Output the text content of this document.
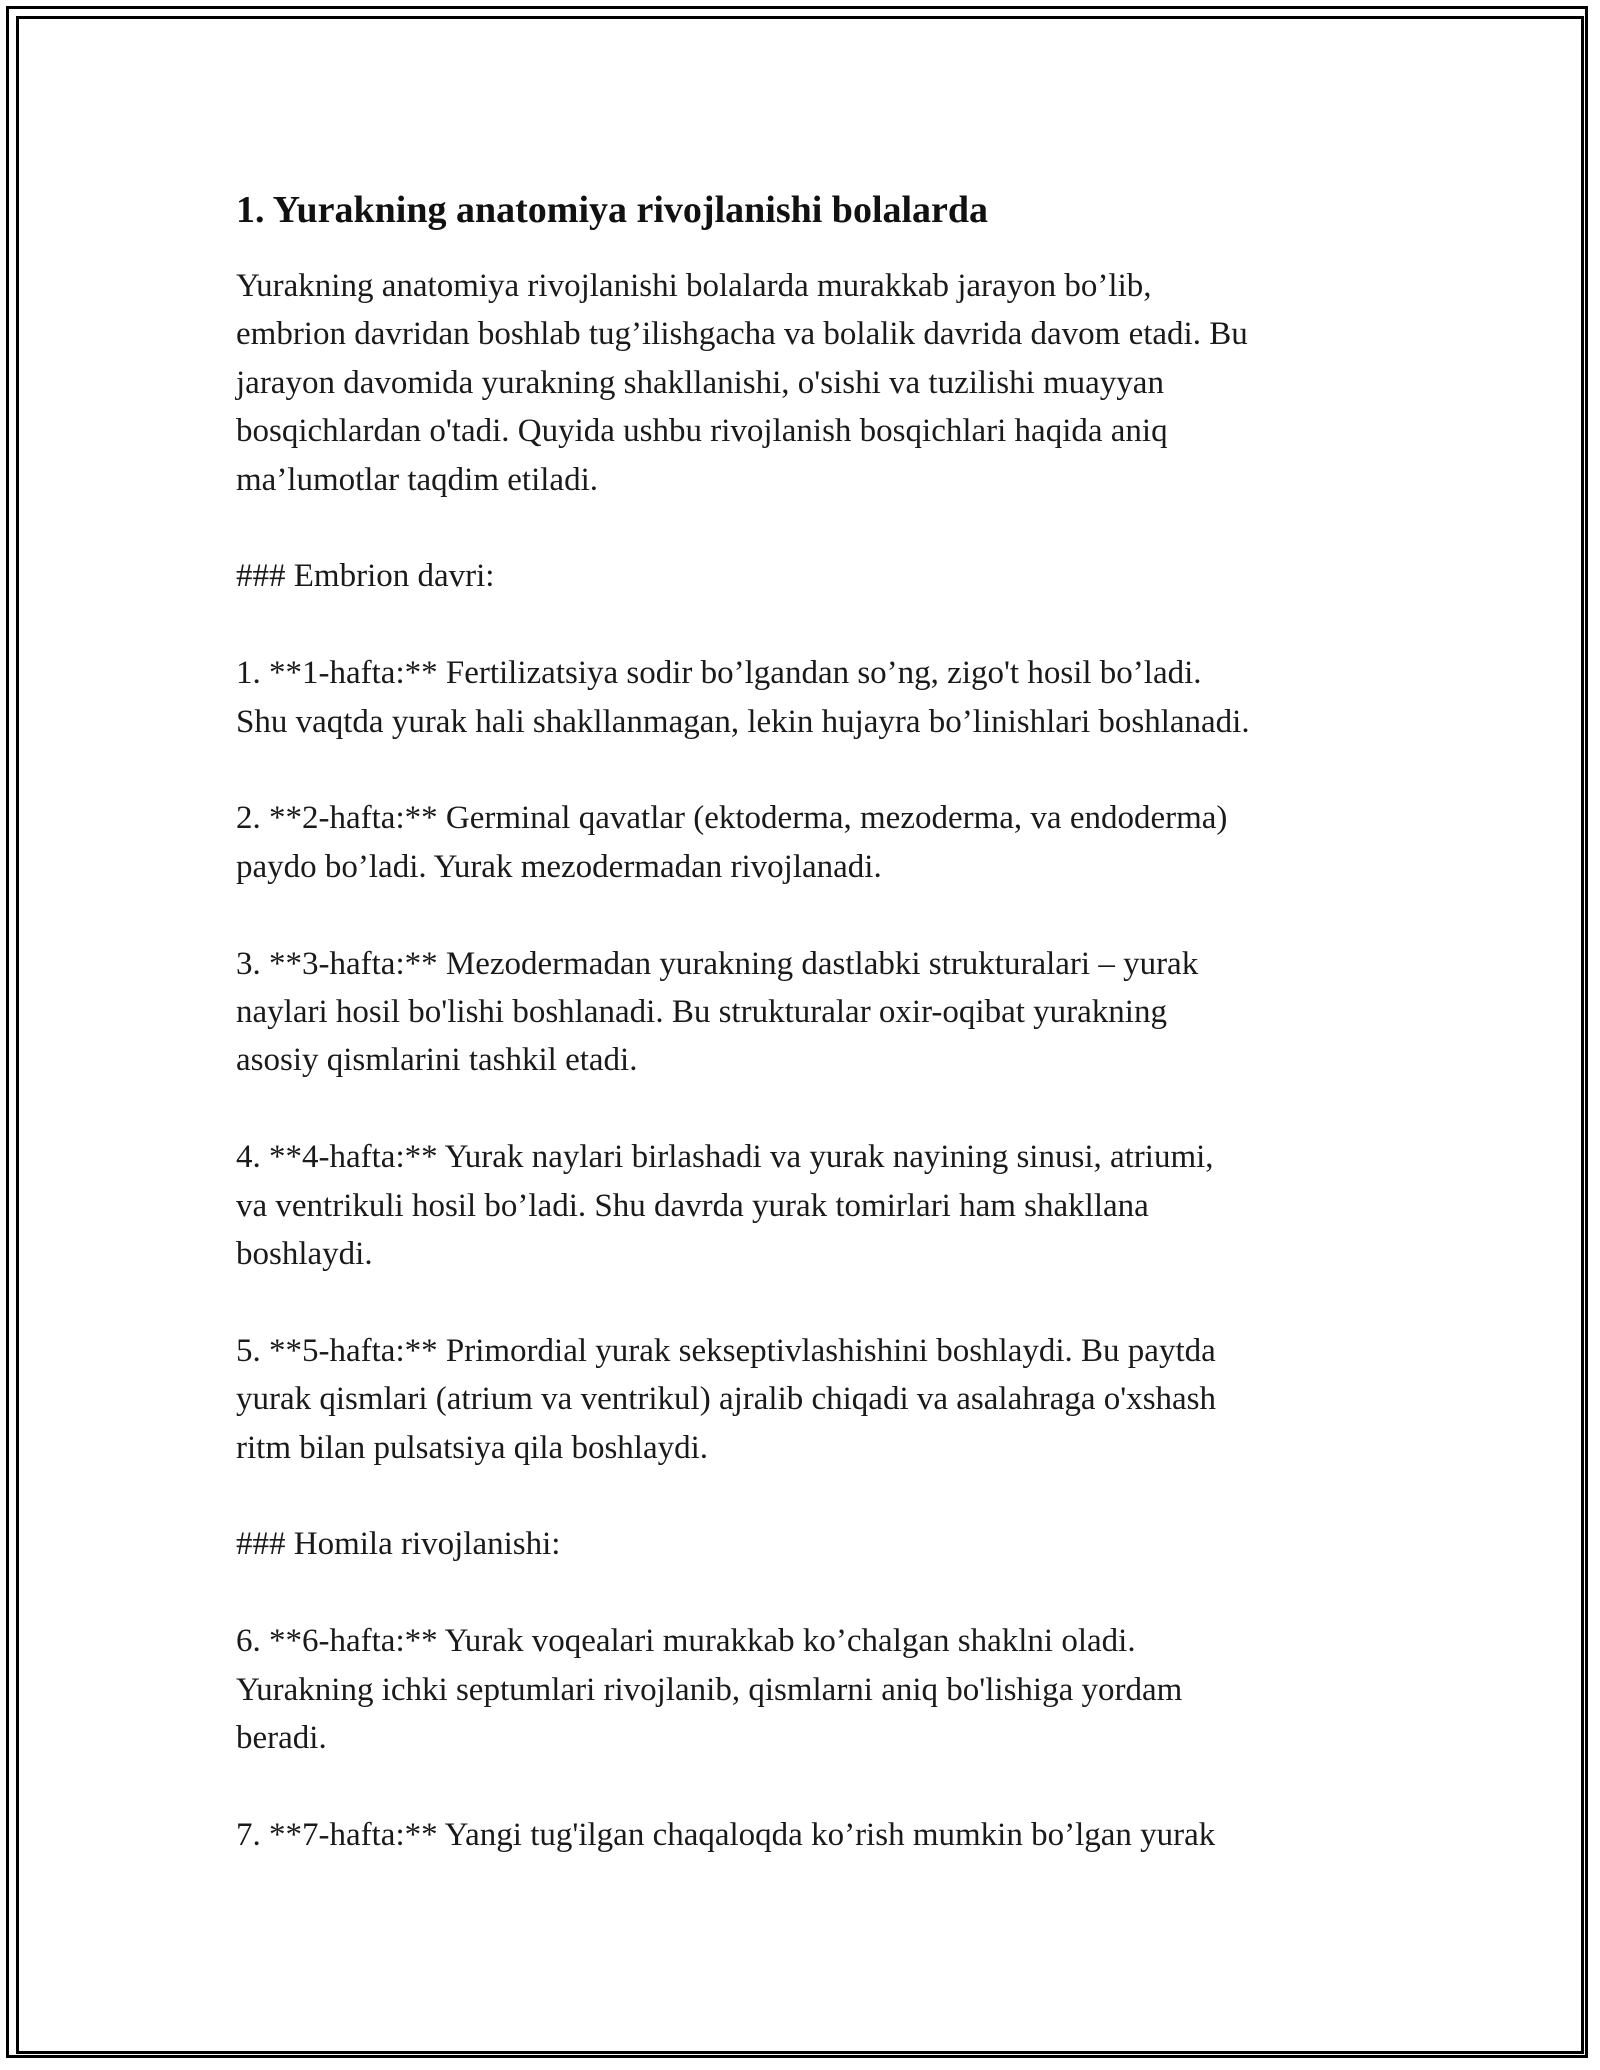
1. Yurakning anatomiya rivojlanishi bolalarda

Yurakning anatomiya rivojlanishi bolalarda murakkab jarayon bo’lib,

embrion davridan boshlab tug’ilishgacha va bolalik davrida davom etadi. Bu

jarayon davomida yurakning shakllanishi, o'sishi va tuzilishi muayyan

bosqichlardan o'tadi. Quyida ushbu rivojlanish bosqichlari haqida aniq

ma’lumotlar taqdim etiladi.

### Embrion davri:

1. **1-hafta:** Fertilizatsiya sodir bo’lgandan so’ng, zigo't hosil bo’ladi.

Shu vaqtda yurak hali shakllanmagan, lekin hujayra bo’linishlari boshlanadi.

2. **2-hafta:** Germinal qavatlar (ektoderma, mezoderma, va endoderma)

paydo bo’ladi. Yurak mezodermadan rivojlanadi.

3. **3-hafta:** Mezodermadan yurakning dastlabki strukturalari – yurak

naylari hosil bo'lishi boshlanadi. Bu strukturalar oxir-oqibat yurakning

asosiy qismlarini tashkil etadi.

4. **4-hafta:** Yurak naylari birlashadi va yurak nayining sinusi, atriumi,

va ventrikuli hosil bo’ladi. Shu davrda yurak tomirlari ham shakllana

boshlaydi.

5. **5-hafta:** Primordial yurak sekseptivlashishini boshlaydi. Bu paytda

yurak qismlari (atrium va ventrikul) ajralib chiqadi va asalahraga o'xshash

ritm bilan pulsatsiya qila boshlaydi.

### Homila rivojlanishi:

6. **6-hafta:** Yurak voqealari murakkab ko’chalgan shaklni oladi.

Yurakning ichki septumlari rivojlanib, qismlarni aniq bo'lishiga yordam

beradi.

7. **7-hafta:** Yangi tug'ilgan chaqaloqda ko’rish mumkin bo’lgan yurak
